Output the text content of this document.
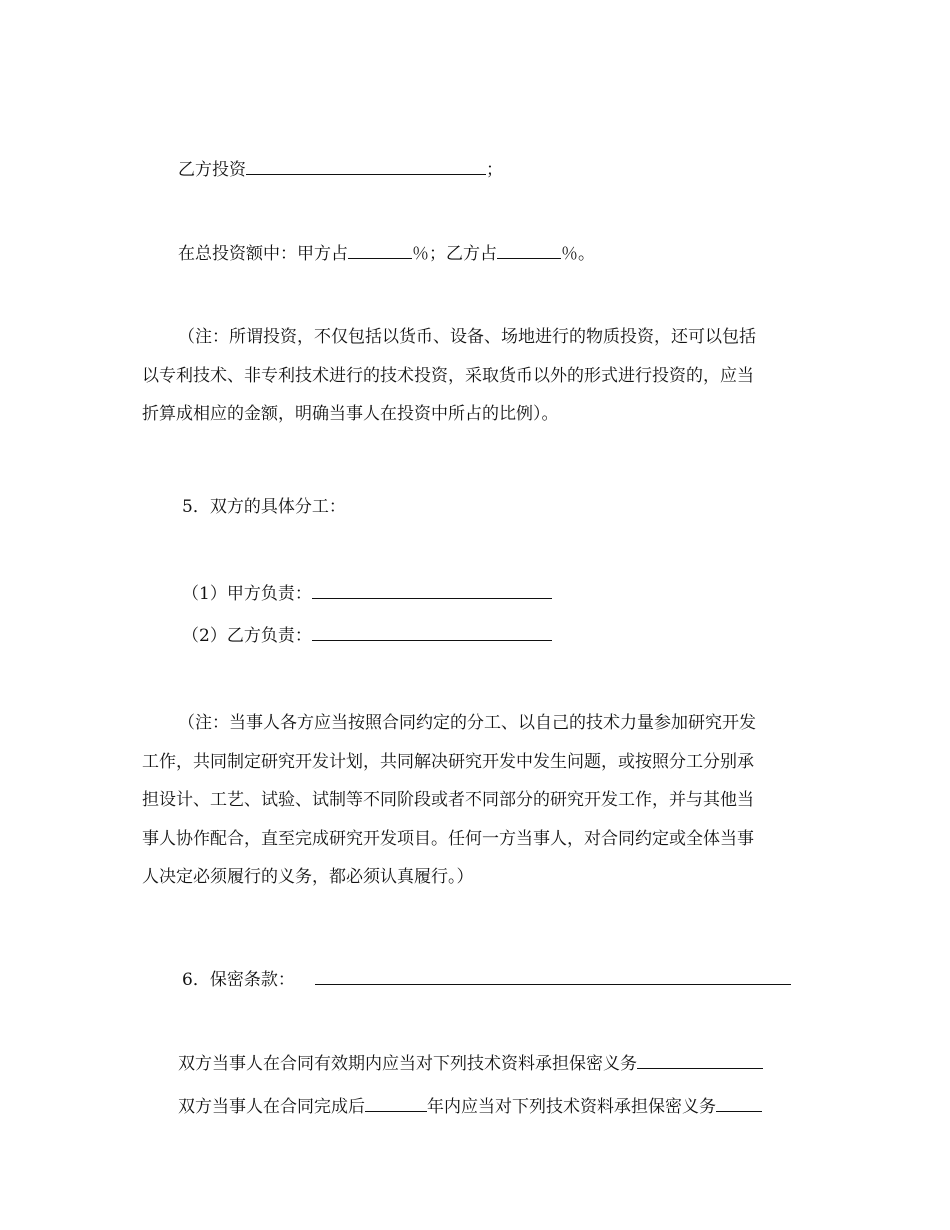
乙方投资	；
在总投资额中：甲方占	％；乙方占	％。
（注：所谓投资，不仅包括以货币、设备、场地进行的物质投资，还可以包括
以专利技术、非专利技术进行的技术投资，采取货币以外的形式进行投资的，应当
折算成相应的金额，明确当事人在投资中所占的比例）。
5．双方的具体分工：
（1）甲方负责：
（2）乙方负责：
（注：当事人各方应当按照合同约定的分工、以自己的技术力量参加研究开发
工作，共同制定研究开发计划，共同解决研究开发中发生问题，或按照分工分别承
担设计、工艺、试验、试制等不同阶段或者不同部分的研究开发工作，并与其他当
事人协作配合，直至完成研究开发项目。任何一方当事人，对合同约定或全体当事
人决定必须履行的义务，都必须认真履行。）
6．保密条款：
双方当事人在合同有效期内应当对下列技术资料承担保密义务
双方当事人在合同完成后	年内应当对下列技术资料承担保密义务
